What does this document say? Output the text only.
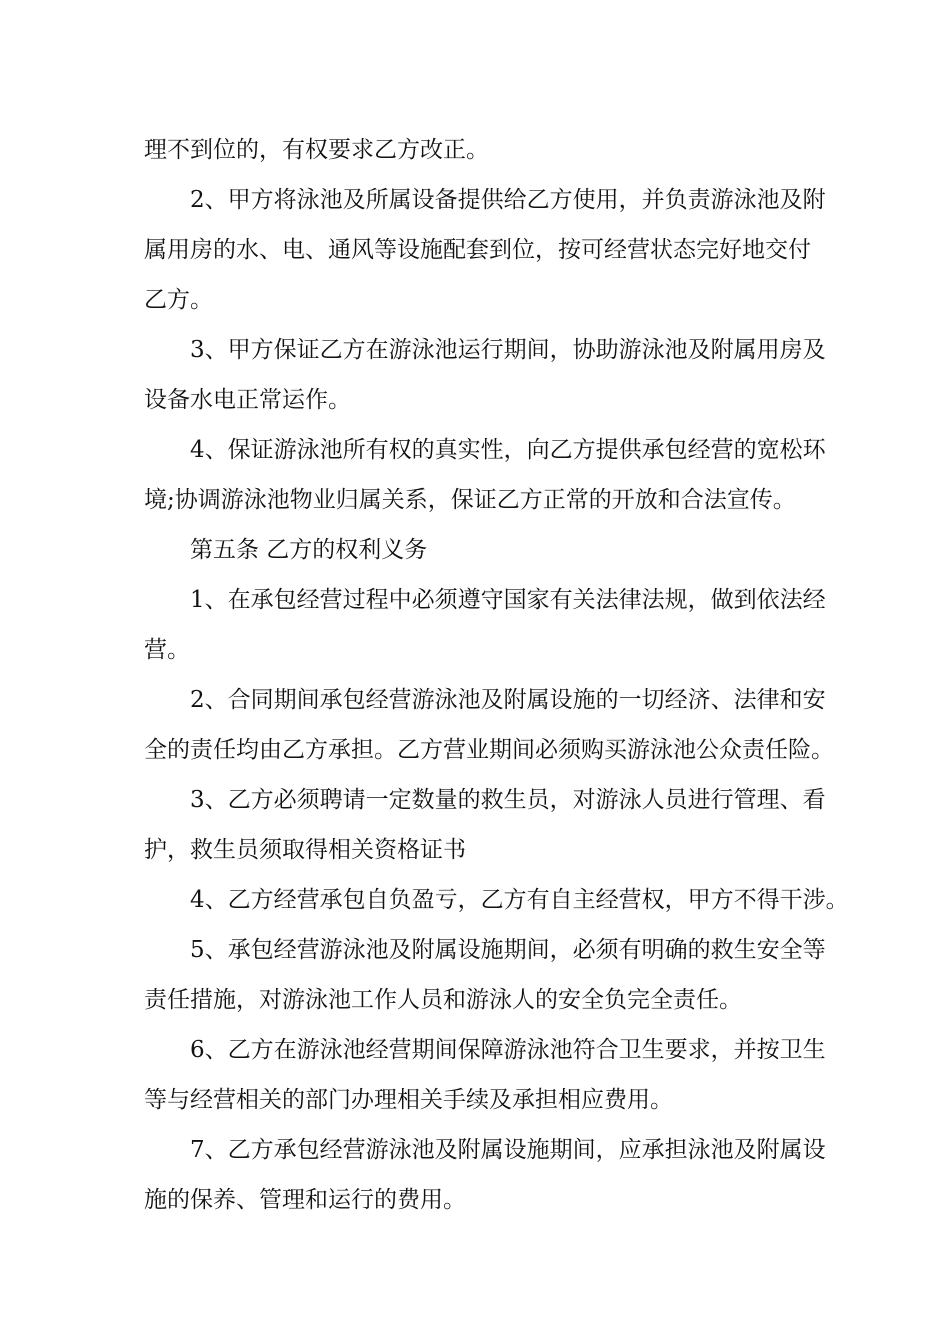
理不到位的，有权要求乙方改正。
2、甲方将泳池及所属设备提供给乙方使用，并负责游泳池及附
属用房的水、电、通风等设施配套到位，按可经营状态完好地交付
乙方。
3、甲方保证乙方在游泳池运行期间，协助游泳池及附属用房及
设备水电正常运作。
4、保证游泳池所有权的真实性，向乙方提供承包经营的宽松环
境;协调游泳池物业归属关系，保证乙方正常的开放和合法宣传。
第五条 乙方的权利义务
1、在承包经营过程中必须遵守国家有关法律法规，做到依法经
营。
2、合同期间承包经营游泳池及附属设施的一切经济、法律和安
全的责任均由乙方承担。乙方营业期间必须购买游泳池公众责任险。
3、乙方必须聘请一定数量的救生员，对游泳人员进行管理、看
护，救生员须取得相关资格证书
4、乙方经营承包自负盈亏，乙方有自主经营权，甲方不得干涉。
5、承包经营游泳池及附属设施期间，必须有明确的救生安全等
责任措施，对游泳池工作人员和游泳人的安全负完全责任。
6、乙方在游泳池经营期间保障游泳池符合卫生要求，并按卫生
等与经营相关的部门办理相关手续及承担相应费用。
7、乙方承包经营游泳池及附属设施期间，应承担泳池及附属设
施的保养、管理和运行的费用。
